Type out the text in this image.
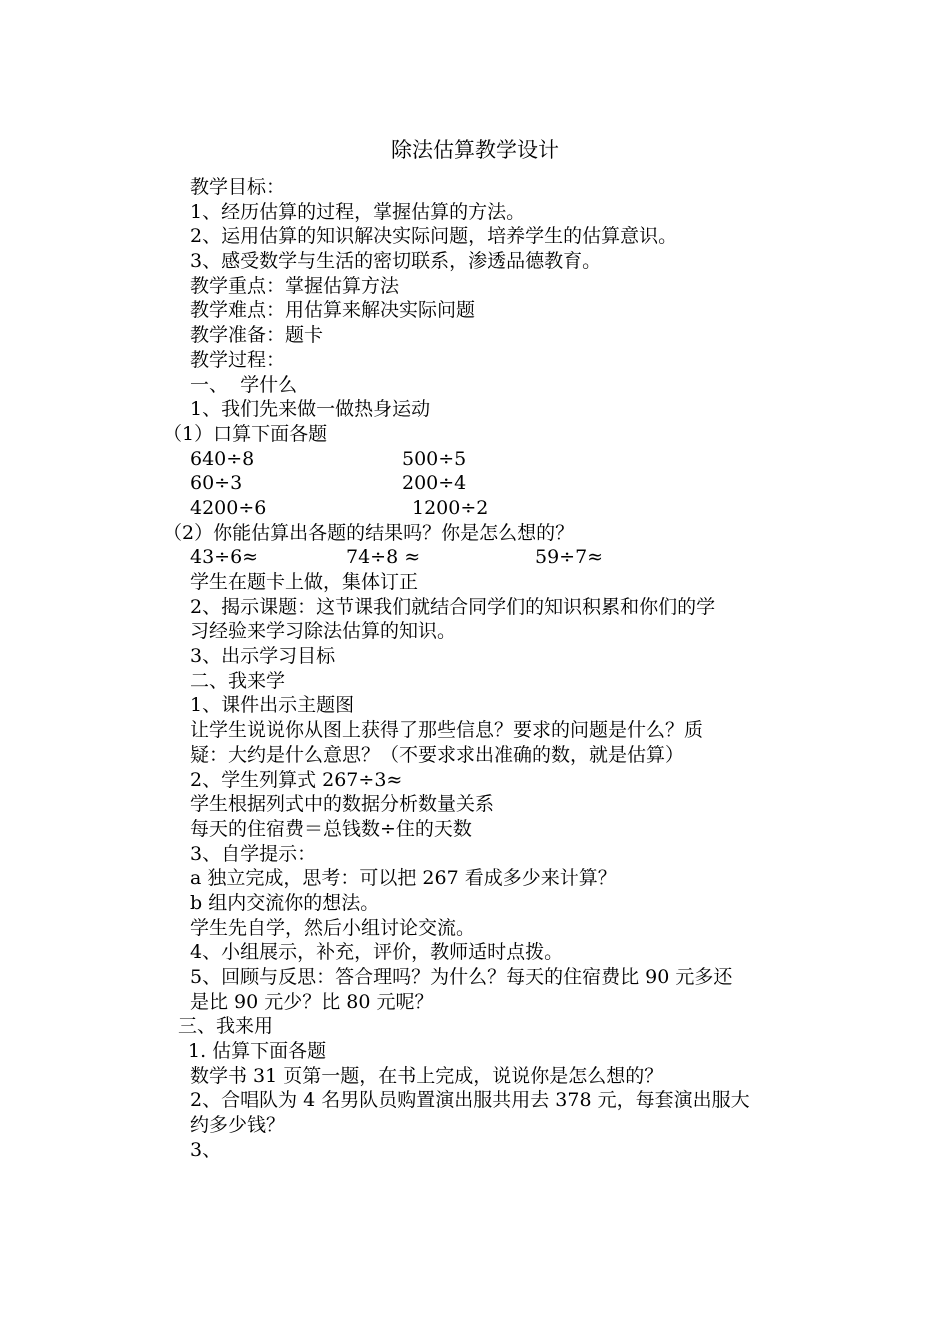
除法估算教学设计
教学目标：
1、经历估算的过程，掌握估算的方法。
2、运用估算的知识解决实际问题，培养学生的估算意识。
3、感受数学与生活的密切联系，渗透品德教育。
教学重点：掌握估算方法
教学难点：用估算来解决实际问题
教学准备：题卡
教学过程：
一、  学什么
1、我们先来做一做热身运动
（1）口算下面各题
640÷8	500÷5
60÷3	200÷4
4200÷6	1200÷2
（2）你能估算出各题的结果吗？你是怎么想的？
43÷6≈	74÷8 ≈	59÷7≈
学生在题卡上做，集体订正
2、揭示课题：这节课我们就结合同学们的知识积累和你们的学
习经验来学习除法估算的知识。
3、出示学习目标
二、我来学
1、课件出示主题图
让学生说说你从图上获得了那些信息？要求的问题是什么？质
疑：大约是什么意思？（不要求求出准确的数，就是估算）
2、学生列算式 267÷3≈
学生根据列式中的数据分析数量关系
每天的住宿费＝总钱数÷住的天数
3、自学提示：
a 独立完成，思考：可以把 267 看成多少来计算？
b 组内交流你的想法。
学生先自学，然后小组讨论交流。
4、小组展示，补充，评价，教师适时点拨。
5、回顾与反思：答合理吗？为什么？每天的住宿费比 90 元多还
是比 90 元少？比 80 元呢？
三、我来用
1. 估算下面各题
数学书 31 页第一题，在书上完成，说说你是怎么想的？
2、合唱队为 4 名男队员购置演出服共用去 378 元，每套演出服大
约多少钱？
3、
